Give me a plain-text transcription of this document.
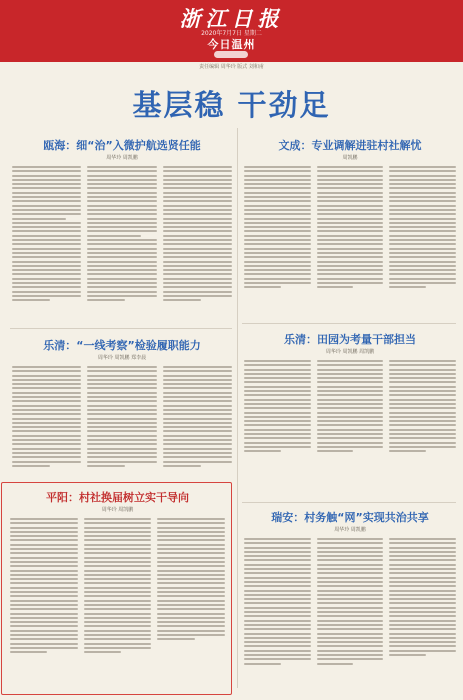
浙江日报
2020年7月7日 星期二
今日温州
责任编辑 周华玲 版式 刘和甫
基层稳 干劲足
瓯海：细“治”入微护航选贤任能
周华玲 周凯鹏
乐清：“一线考察”检验履职能力
周华玲 周凯鹏 郑李晨
平阳：村社换届树立实干导向
周华玲 周凯鹏
文成：专业调解进驻村社解忧
周凯鹏
乐清：田园为考量干部担当
周华玲 周凯鹏 周凯鹏
瑞安：村务触“网”实现共治共享
周华玲 周凯鹏
